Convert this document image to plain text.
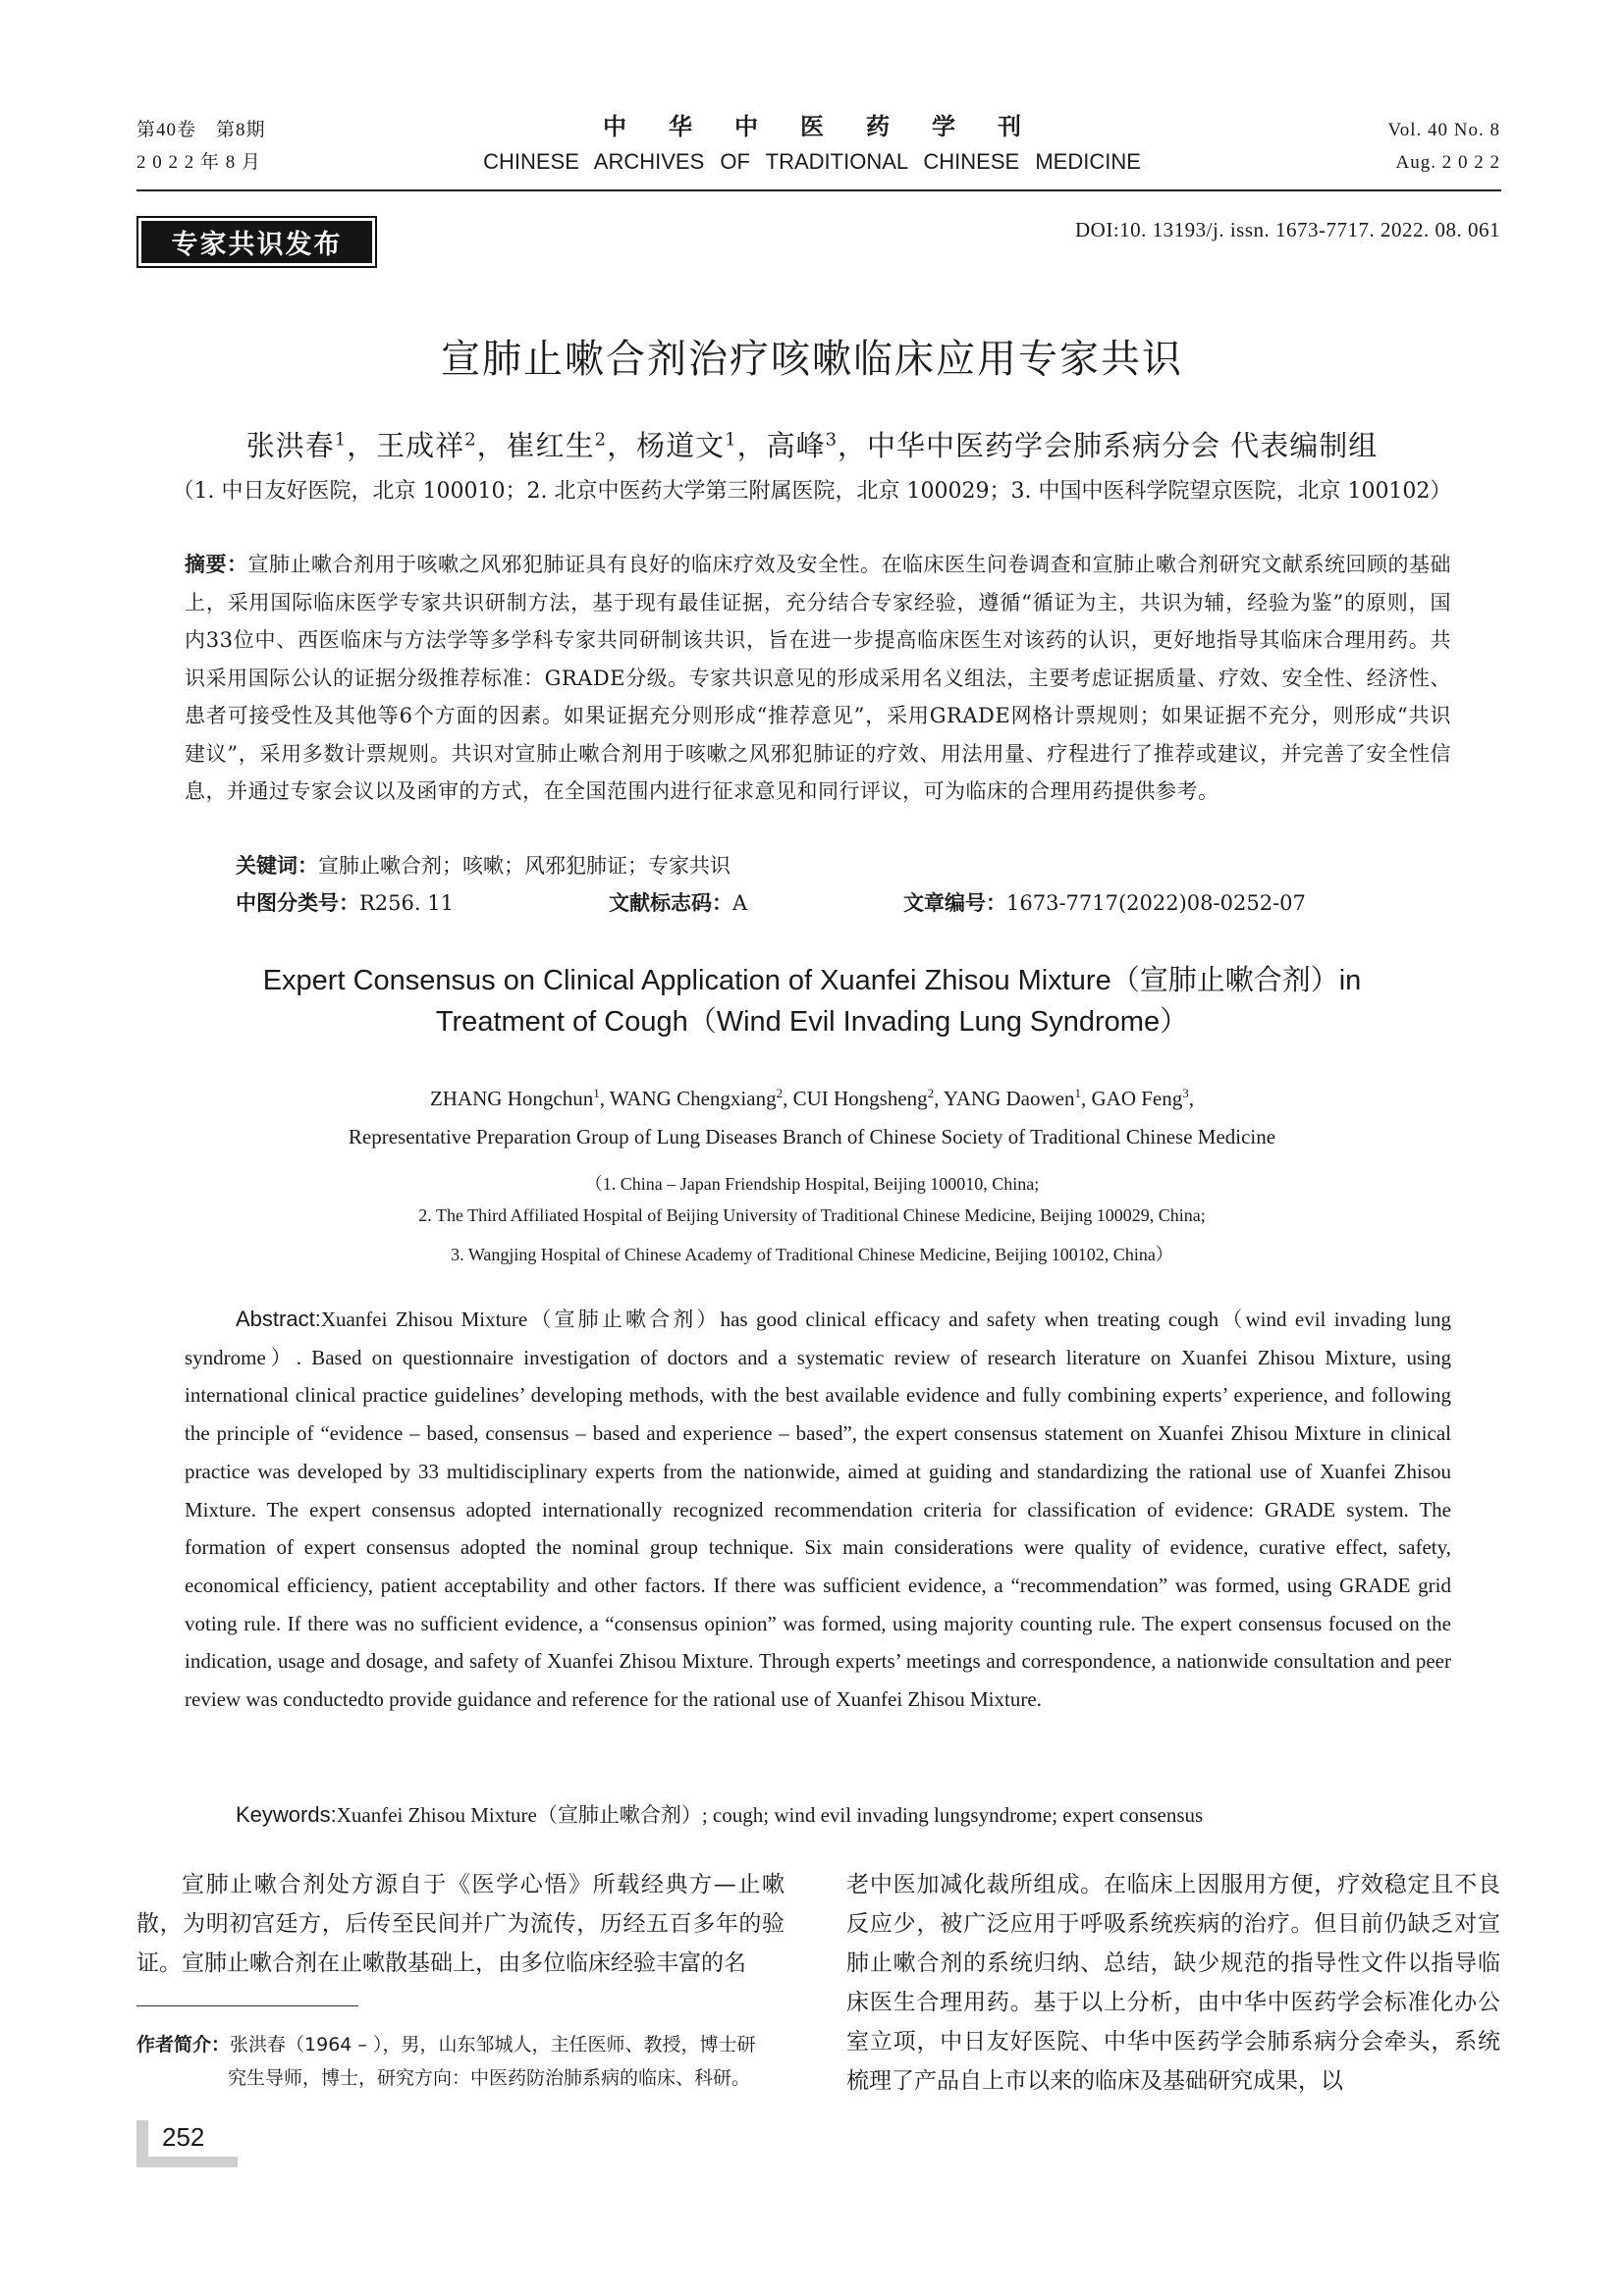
第40卷　第8期
2 0 2 2 年 8 月
中华中医药学刊
CHINESE ARCHIVES OF TRADITIONAL CHINESE MEDICINE
Vol. 40 No. 8
Aug. 2 0 2 2
专家共识发布	DOI:10. 13193/j. issn. 1673-7717. 2022. 08. 061
宣肺止嗽合剂治疗咳嗽临床应用专家共识
张洪春$^1$，王成祥$^2$，崔红生$^2$，杨道文$^1$，高峰$^3$，中华中医药学会肺系病分会 代表编制组
（1. 中日友好医院，北京 100010；2. 北京中医药大学第三附属医院，北京 100029；3. 中国中医科学院望京医院，北京 100102）
摘要：宣肺止嗽合剂用于咳嗽之风邪犯肺证具有良好的临床疗效及安全性。在临床医生问卷调查和宣肺止嗽合剂研究文献系统回顾的基础上，采用国际临床医学专家共识研制方法，基于现有最佳证据，充分结合专家经验，遵循“循证为主，共识为辅，经验为鉴”的原则，国内33位中、西医临床与方法学等多学科专家共同研制该共识，旨在进一步提高临床医生对该药的认识，更好地指导其临床合理用药。共识采用国际公认的证据分级推荐标准：GRADE分级。专家共识意见的形成采用名义组法，主要考虑证据质量、疗效、安全性、经济性、患者可接受性及其他等6个方面的因素。如果证据充分则形成“推荐意见”，采用GRADE网格计票规则；如果证据不充分，则形成“共识建议”，采用多数计票规则。共识对宣肺止嗽合剂用于咳嗽之风邪犯肺证的疗效、用法用量、疗程进行了推荐或建议，并完善了安全性信息，并通过专家会议以及函审的方式，在全国范围内进行征求意见和同行评议，可为临床的合理用药提供参考。
关键词：宣肺止嗽合剂；咳嗽；风邪犯肺证；专家共识
中图分类号：R256. 11	文献标志码：A	文章编号：1673-7717(2022)08-0252-07
Expert Consensus on Clinical Application of Xuanfei Zhisou Mixture（宣肺止嗽合剂）in
Treatment of Cough（Wind Evil Invading Lung Syndrome）
ZHANG Hongchun$^1$, WANG Chengxiang$^2$, CUI Hongsheng$^2$, YANG Daowen$^1$, GAO Feng$^3$,
Representative Preparation Group of Lung Diseases Branch of Chinese Society of Traditional Chinese Medicine
（1. China – Japan Friendship Hospital, Beijing 100010, China;
2. The Third Affiliated Hospital of Beijing University of Traditional Chinese Medicine, Beijing 100029, China;
3. Wangjing Hospital of Chinese Academy of Traditional Chinese Medicine, Beijing 100102, China）
Abstract:Xuanfei Zhisou Mixture（宣肺止嗽合剂）has good clinical efficacy and safety when treating cough（wind evil invading lung syndrome）. Based on questionnaire investigation of doctors and a systematic review of research literature on Xuanfei Zhisou Mixture, using international clinical practice guidelines’ developing methods, with the best available evidence and fully combining experts’ experience, and following the principle of “evidence – based, consensus – based and experience – based”, the expert consensus statement on Xuanfei Zhisou Mixture in clinical practice was developed by 33 multidisciplinary experts from the nationwide, aimed at guiding and standardizing the rational use of Xuanfei Zhisou Mixture. The expert consensus adopted internationally recognized recommendation criteria for classification of evidence: GRADE system. The formation of expert consensus adopted the nominal group technique. Six main considerations were quality of evidence, curative effect, safety, economical efficiency, patient acceptability and other factors. If there was sufficient evidence, a “recommendation” was formed, using GRADE grid voting rule. If there was no sufficient evidence, a “consensus opinion” was formed, using majority counting rule. The expert consensus focused on the indication, usage and dosage, and safety of Xuanfei Zhisou Mixture. Through experts’ meetings and correspondence, a nationwide consultation and peer review was conductedto provide guidance and reference for the rational use of Xuanfei Zhisou Mixture.
Keywords:Xuanfei Zhisou Mixture（宣肺止嗽合剂）; cough; wind evil invading lungsyndrome; expert consensus
宣肺止嗽合剂处方源自于《医学心悟》所载经典方—止嗽散，为明初宫廷方，后传至民间并广为流传，历经五百多年的验证。宣肺止嗽合剂在止嗽散基础上，由多位临床经验丰富的名
老中医加减化裁所组成。在临床上因服用方便，疗效稳定且不良反应少，被广泛应用于呼吸系统疾病的治疗。但目前仍缺乏对宣肺止嗽合剂的系统归纳、总结，缺少规范的指导性文件以指导临床医生合理用药。基于以上分析，由中华中医药学会标准化办公室立项，中日友好医院、中华中医药学会肺系病分会牵头，系统梳理了产品自上市以来的临床及基础研究成果，以
作者简介：张洪春（1964 – ），男，山东邹城人，主任医师、教授，博士研
究生导师，博士，研究方向：中医药防治肺系病的临床、科研。
252
